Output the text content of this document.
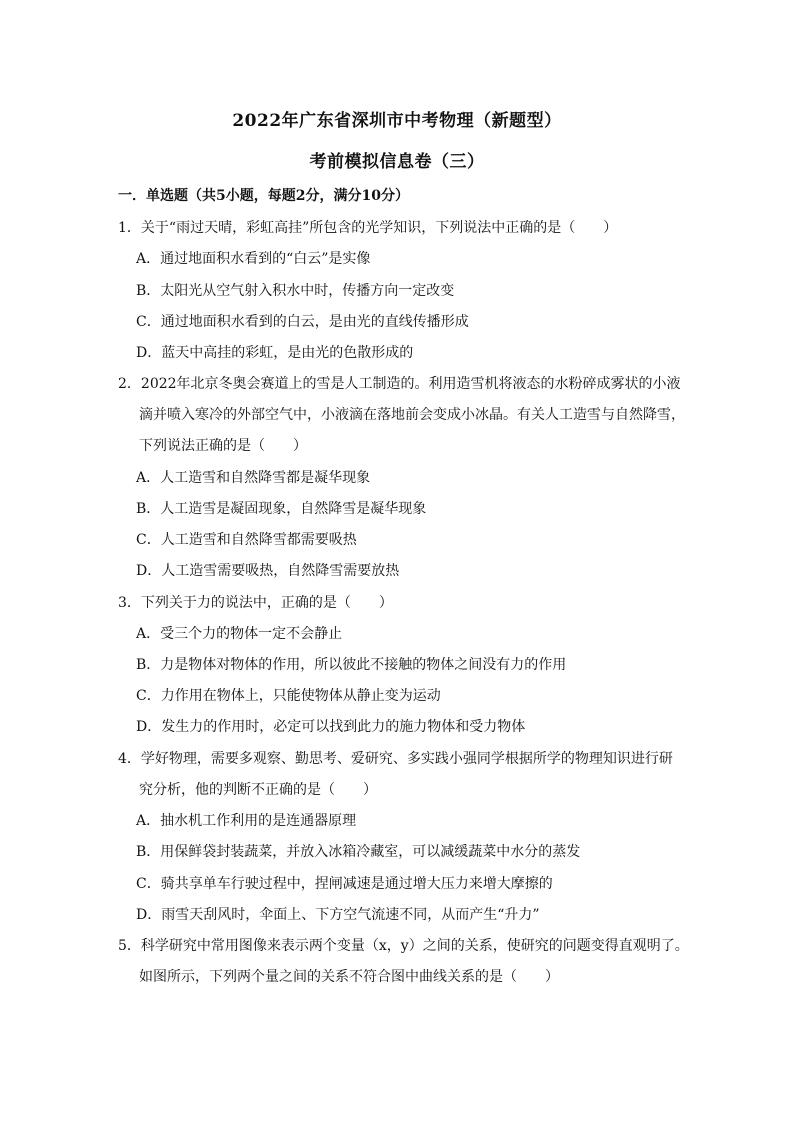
2022年广东省深圳市中考物理（新题型）
考前模拟信息卷（三）
一．单选题（共5小题，每题2分，满分10分）
1．关于“雨过天晴，彩虹高挂”所包含的光学知识，下列说法中正确的是（　　）
A．通过地面积水看到的“白云”是实像
B．太阳光从空气射入积水中时，传播方向一定改变
C．通过地面积水看到的白云，是由光的直线传播形成
D．蓝天中高挂的彩虹，是由光的色散形成的
2．2022年北京冬奥会赛道上的雪是人工制造的。利用造雪机将液态的水粉碎成雾状的小液
滴并喷入寒冷的外部空气中，小液滴在落地前会变成小冰晶。有关人工造雪与自然降雪，
下列说法正确的是（　　）
A．人工造雪和自然降雪都是凝华现象
B．人工造雪是凝固现象，自然降雪是凝华现象
C．人工造雪和自然降雪都需要吸热
D．人工造雪需要吸热，自然降雪需要放热
3．下列关于力的说法中，正确的是（　　）
A．受三个力的物体一定不会静止
B．力是物体对物体的作用，所以彼此不接触的物体之间没有力的作用
C．力作用在物体上，只能使物体从静止变为运动
D．发生力的作用时，必定可以找到此力的施力物体和受力物体
4．学好物理，需要多观察、勤思考、爱研究、多实践小强同学根据所学的物理知识进行研
究分析，他的判断不正确的是（　　）
A．抽水机工作利用的是连通器原理
B．用保鲜袋封装蔬菜，并放入冰箱冷藏室，可以减缓蔬菜中水分的蒸发
C．骑共享单车行驶过程中，捏闸减速是通过增大压力来增大摩擦的
D．雨雪天刮风时，伞面上、下方空气流速不同，从而产生“升力”
5．科学研究中常用图像来表示两个变量（x，y）之间的关系，使研究的问题变得直观明了。
如图所示，下列两个量之间的关系不符合图中曲线关系的是（　　）
